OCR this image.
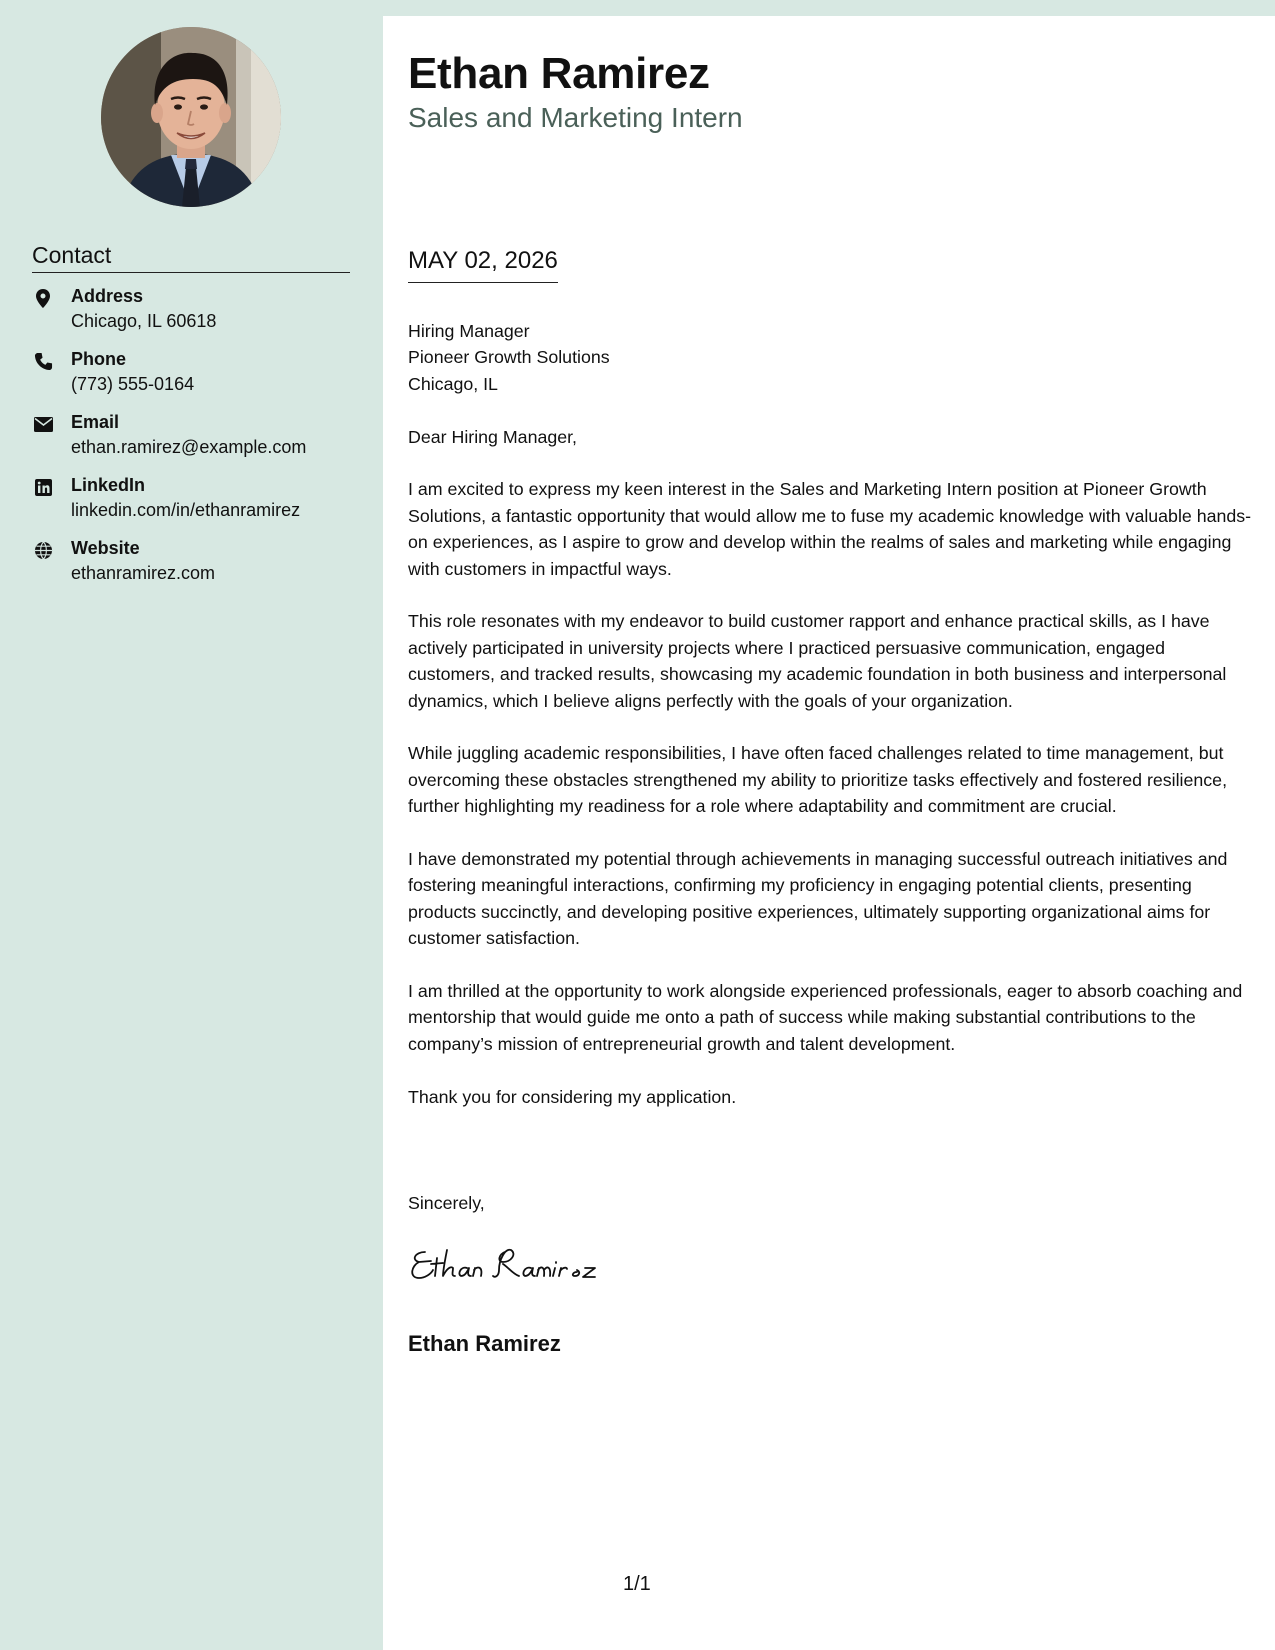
Contact
Address
Chicago, IL 60618
Phone
(773) 555-0164
Email
ethan.ramirez@example.com
LinkedIn
linkedin.com/in/ethanramirez
Website
ethanramirez.com
Ethan Ramirez
Sales and Marketing Intern
MAY 02, 2026

Hiring Manager
Pioneer Growth Solutions
Chicago, IL

Dear Hiring Manager,

I am excited to express my keen interest in the Sales and Marketing Intern position at Pioneer Growth Solutions, a fantastic opportunity that would allow me to fuse my academic knowledge with valuable hands-on experiences, as I aspire to grow and develop within the realms of sales and marketing while engaging with customers in impactful ways.

This role resonates with my endeavor to build customer rapport and enhance practical skills, as I have actively participated in university projects where I practiced persuasive communication, engaged customers, and tracked results, showcasing my academic foundation in both business and interpersonal dynamics, which I believe aligns perfectly with the goals of your organization.

While juggling academic responsibilities, I have often faced challenges related to time management, but overcoming these obstacles strengthened my ability to prioritize tasks effectively and fostered resilience, further highlighting my readiness for a role where adaptability and commitment are crucial.

I have demonstrated my potential through achievements in managing successful outreach initiatives and fostering meaningful interactions, confirming my proficiency in engaging potential clients, presenting products succinctly, and developing positive experiences, ultimately supporting organizational aims for customer satisfaction.

I am thrilled at the opportunity to work alongside experienced professionals, eager to absorb coaching and mentorship that would guide me onto a path of success while making substantial contributions to the company’s mission of entrepreneurial growth and talent development.

Thank you for considering my application.

Sincerely,
Ethan Ramirez
1/1
